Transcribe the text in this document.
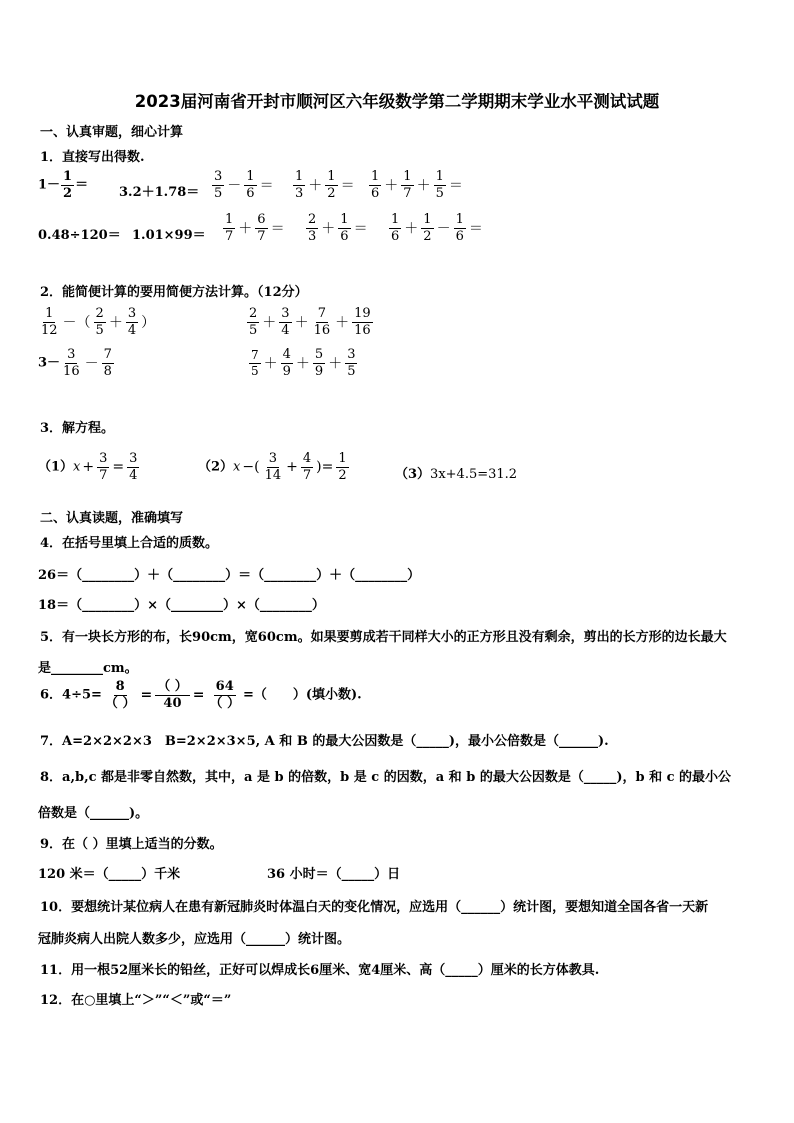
2023届河南省开封市顺河区六年级数学第二学期期末学业水平测试试题
一、认真审题，细心计算
1．直接写出得数.
$1- \frac{1}{2} = 3.2+1.78= \frac{3}{5} - \frac{1}{6} = \frac{1}{3} + \frac{1}{2} = \frac{1}{6} + \frac{1}{7} + \frac{1}{5}$ ＝
$0.48\div 120= 1.01\times 99= \frac{1}{7} + \frac{6}{7} = \frac{2}{3} + \frac{1}{6} = \frac{1}{6} + \frac{1}{2} - \frac{1}{6}$ ＝
2．能简便计算的要用简便方法计算。（12分）
$\frac{1}{12}$ －（ $\frac{2}{5} + \frac{3}{4}$ ）	$\frac{2}{5} + \frac{3}{4} + \frac{7}{16} + \frac{19}{16}$
$3- \frac{3}{16} - \frac{7}{8}$	$\frac{7}{5} + \frac{4}{9} + \frac{5}{9} + \frac{3}{5}$
3．解方程。
$(1)x + \frac{3}{7} = \frac{3}{4}$	（2）x −( $\frac{3}{14} + \frac{4}{7}$ )= $\frac{1}{2}$	（3）3x+4.5=31.2
二、认真读题，准确填写
4．在括号里填上合适的质数。
26＝（________）＋（________）＝（________）＋（________）
18＝（________）×（________）×（________）
5．有一块长方形的布，长90cm，宽60cm。如果要剪成若干同样大小的正方形且没有剩余，剪出的长方形的边长最大
是________cm。
6．$4\div 5= \frac{8}{( )} = \frac{( )}{40} = \frac{64}{( )}$ =（　　）(填小数).
7．A=2×2×2×3　B=2×2×3×5, A 和 B 的最大公因数是（_____)，最小公倍数是（______).
8．a,b,c 都是非零自然数，其中，a 是 b 的倍数，b 是 c 的因数，a 和 b 的最大公因数是（_____)，b 和 c 的最小公
倍数是（______)。
9．在（ ）里填上适当的分数。
120 米＝（_____）千米	36 小时＝（_____）日
10．要想统计某位病人在患有新冠肺炎时体温白天的变化情况，应选用（______）统计图，要想知道全国各省一天新
冠肺炎病人出院人数多少，应选用（______）统计图。
11．用一根52厘米长的铅丝，正好可以焊成长6厘米、宽4厘米、高（_____）厘米的长方体教具.
12．在○里填上“＞”“＜”或“＝”
